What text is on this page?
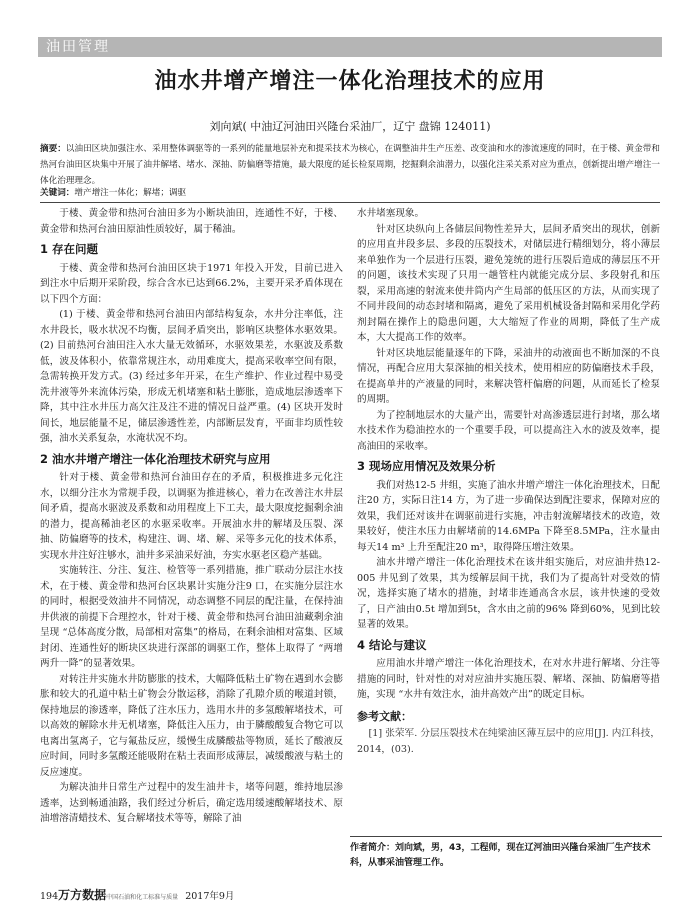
油田管理
油水井增产增注一体化治理技术的应用
刘向斌( 中油辽河油田兴隆台采油厂，辽宁 盘锦 124011)
摘要：以油田区块加强注水、采用整体调驱等的一系列的能量地层补充和提采技术为核心，在调整油井生产压差、改变油和水的渗流速度的同时，在于楼、黄金带和热河台油田区块集中开展了油井解堵、堵水、深抽、防偏磨等措施，最大限度的延长检泵周期，挖掘剩余油潜力，以强化注采关系对应为重点，创新提出增产增注一体化治理理念。
关键词：增产增注一体化；解堵；调驱

于楼、黄金带和热河台油田多为小断块油田，连通性不好，于楼、黄金带和热河台油田原油性质较好，属于稀油。

1 存在问题

于楼、黄金带和热河台油田区块于1971 年投入开发，目前已进入到注水中后期开采阶段，综合含水已达到66.2%，主要开采矛盾体现在以下四个方面：

(1) 于楼、黄金带和热河台油田内部结构复杂，水井分注率低，注水井段长，吸水状况不均衡，层间矛盾突出，影响区块整体水驱效果。(2) 目前热河台油田注入水大量无效循环，水驱效果差，水驱波及系数低，波及体积小，依靠常规注水，动用难度大，提高采收率空间有限，急需转换开发方式。(3) 经过多年开采，在生产维护、作业过程中易受洗井液等外来流体污染，形成无机堵塞和粘土膨胀，造成地层渗透率下降，其中注水井压力高欠注及注不进的情况日益严重。(4) 区块开发时间长，地层能量不足，储层渗透性差，内部断层发育，平面非均质性较强，油水关系复杂，水淹状况不均。

2 油水井增产增注一体化治理技术研究与应用

针对于楼、黄金带和热河台油田存在的矛盾，积极推进多元化注水，以细分注水为常规手段，以调驱为推进核心，着力在改善注水井层间矛盾，提高水驱波及系数和动用程度上下工夫，最大限度挖掘剩余油的潜力，提高稀油老区的水驱采收率。开展油水井的解堵及压裂、深抽、防偏磨等的技术，构建注、调、堵、解、采等多元化的技术体系，实现水井注好注够水，油井多采油采好油，夯实水驱老区稳产基础。

实施转注、分注、复注、检管等一系列措施，推广联动分层注水技术，在于楼、黄金带和热河台区块累计实施分注9 口，在实施分层注水的同时，根据受效油井不同情况，动态调整不同层的配注量，在保持油井供液的前提下合理控水，针对于楼、黄金带和热河台油田油藏剩余油呈现 “总体高度分散，局部相对富集”的格局，在剩余油相对富集、区域封闭、连通性好的断块区块进行深部的调驱工作，整体上取得了 “两增两升一降”的显著效果。

对转注井实施水井防膨胀的技术，大幅降低粘土矿物在遇到水会膨胀和较大的孔道中粘土矿物会分散运移，消除了孔隙介质的喉道封锁，保持地层的渗透率，降低了注水压力，选用水井的多氢酸解堵技术，可以高效的解除水井无机堵塞，降低注入压力，由于膦酸酸复合物它可以电离出氢离子，它与氟盐反应，缓慢生成膦酸盐等物质，延长了酸液反应时间，同时多氢酸还能吸附在粘土表面形成薄层，减缓酸液与粘土的反应速度。

为解决油井日常生产过程中的发生油井卡，堵等问题，维持地层渗透率，达到畅通油路，我们经过分析后，确定选用缓速酸解堵技术、原油增溶清蜡技术、复合解堵技术等等，解除了油

水井堵塞现象。

针对区块纵向上各储层间物性差异大，层间矛盾突出的现状，创新的应用直井段多层、多段的压裂技术，对储层进行精细划分，将小薄层来单独作为一个层进行压裂，避免笼统的进行压裂后造成的薄层压不开的问题，该技术实现了只用一趟管柱内就能完成分层、多段射孔和压裂，采用高速的射流来使井筒内产生局部的低压区的方法，从而实现了不同井段间的动态封堵和隔离，避免了采用机械设备封隔和采用化学药剂封隔在操作上的隐患问题，大大缩短了作业的周期，降低了生产成本，大大提高工作的效率。

针对区块地层能量逐年的下降，采油井的动液面也不断加深的不良情况，再配合应用大泵深抽的相关技术，使用相应的防偏磨技术手段，在提高单井的产液量的同时，来解决管杆偏磨的问题，从而延长了检泵的周期。

为了控制地层水的大量产出，需要针对高渗透层进行封堵，那么堵水技术作为稳油控水的一个重要手段，可以提高注入水的波及效率，提高油田的采收率。

3 现场应用情况及效果分析

我们对热12-5 井组，实施了油水井增产增注一体化治理技术，日配注20 方，实际日注14 方，为了进一步确保达到配注要求，保障对应的效果，我们还对该井在调驱前进行实施，冲击射流解堵技术的改造，效果较好，使注水压力由解堵前的14.6MPa 下降至8.5MPa，注水量由每天14 m³ 上升至配注20 m³，取得降压增注效果。

油水井增产增注一体化治理技术在该井组实施后，对应油井热12-005 井见到了效果，其为绥解层间干扰，我们为了提高针对受效的情况，选择实施了堵水的措施，封堵非连通高含水层，该井快速的受效了，日产油由0.5t 增加到5t，含水由之前的96% 降到60%，见到比较显著的效果。

4 结论与建议

应用油水井增产增注一体化治理技术，在对水井进行解堵、分注等措施的同时，针对性的对对应油井实施压裂、解堵、深抽、防偏磨等措施，实现 “水井有效注水，油井高效产出”的既定目标。

参考文献：

[1] 张荣军. 分层压裂技术在纯梁油区薄互层中的应用[J]. 内江科技，2014，(03).

作者简介：刘向斌，男，43，工程师，现在辽河油田兴隆台采油厂生产技术科，从事采油管理工作。
194万方数据中国石油和化工标准与质量 2017年9月
